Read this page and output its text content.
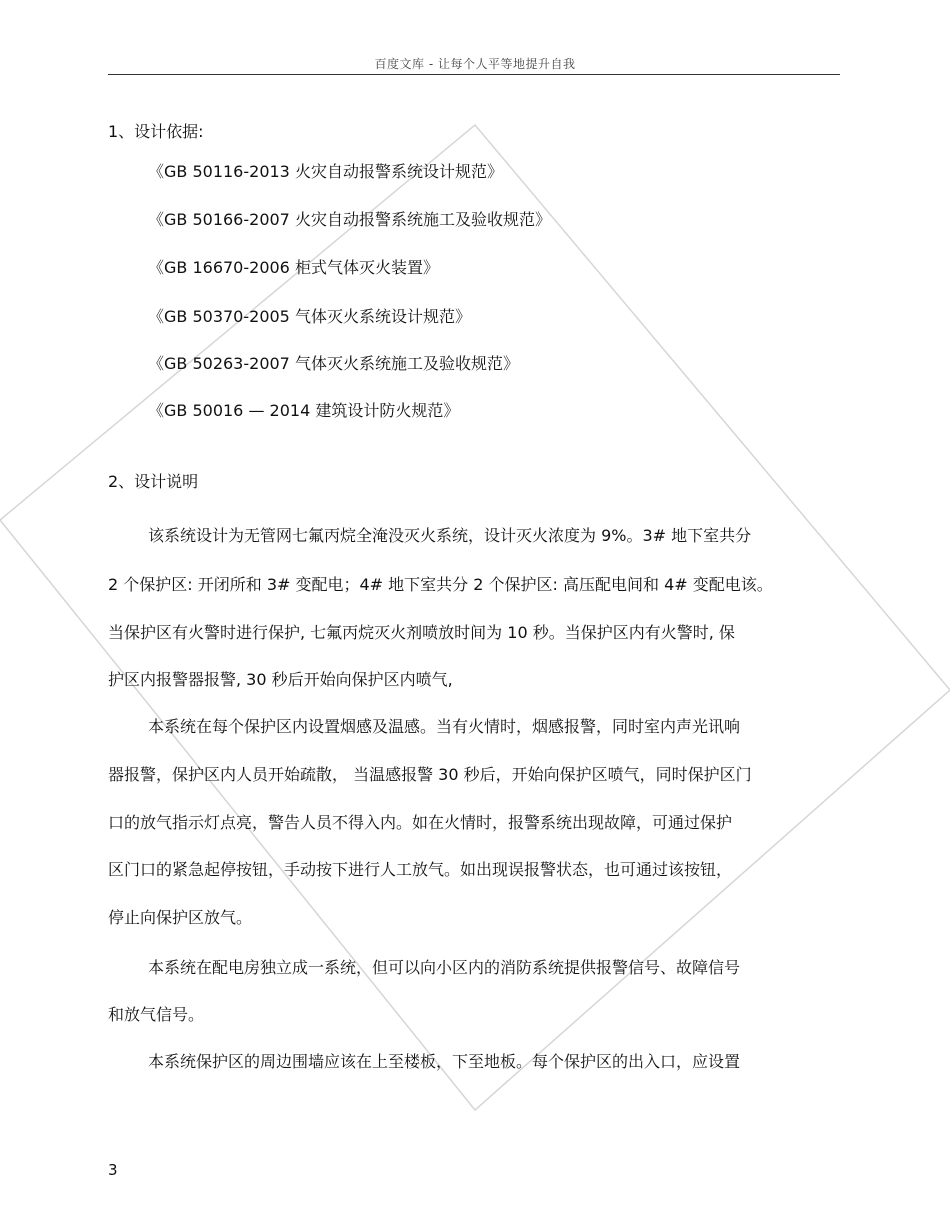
百度文库 - 让每个人平等地提升自我
1、设计依据:
《GB 50116-2013 火灾自动报警系统设计规范》
《GB 50166-2007 火灾自动报警系统施工及验收规范》
《GB 16670-2006 柜式气体灭火装置》
《GB 50370-2005 气体灭火系统设计规范》
《GB 50263-2007 气体灭火系统施工及验收规范》
《GB 50016 — 2014 建筑设计防火规范》
2、设计说明
该系统设计为无管网七氟丙烷全淹没灭火系统，设计灭火浓度为 9%。3# 地下室共分
2 个保护区: 开闭所和 3# 变配电；4# 地下室共分 2 个保护区: 高压配电间和 4# 变配电该。
当保护区有火警时进行保护, 七氟丙烷灭火剂喷放时间为 10 秒。当保护区内有火警时, 保
护区内报警器报警, 30 秒后开始向保护区内喷气,
本系统在每个保护区内设置烟感及温感。当有火情时，烟感报警，同时室内声光讯响
器报警，保护区内人员开始疏散， 当温感报警 30 秒后，开始向保护区喷气，同时保护区门
口的放气指示灯点亮，警告人员不得入内。如在火情时，报警系统出现故障，可通过保护
区门口的紧急起停按钮，手动按下进行人工放气。如出现误报警状态，也可通过该按钮，
停止向保护区放气。
本系统在配电房独立成一系统，但可以向小区内的消防系统提供报警信号、故障信号
和放气信号。
本系统保护区的周边围墙应该在上至楼板，下至地板。每个保护区的出入口，应设置
3
